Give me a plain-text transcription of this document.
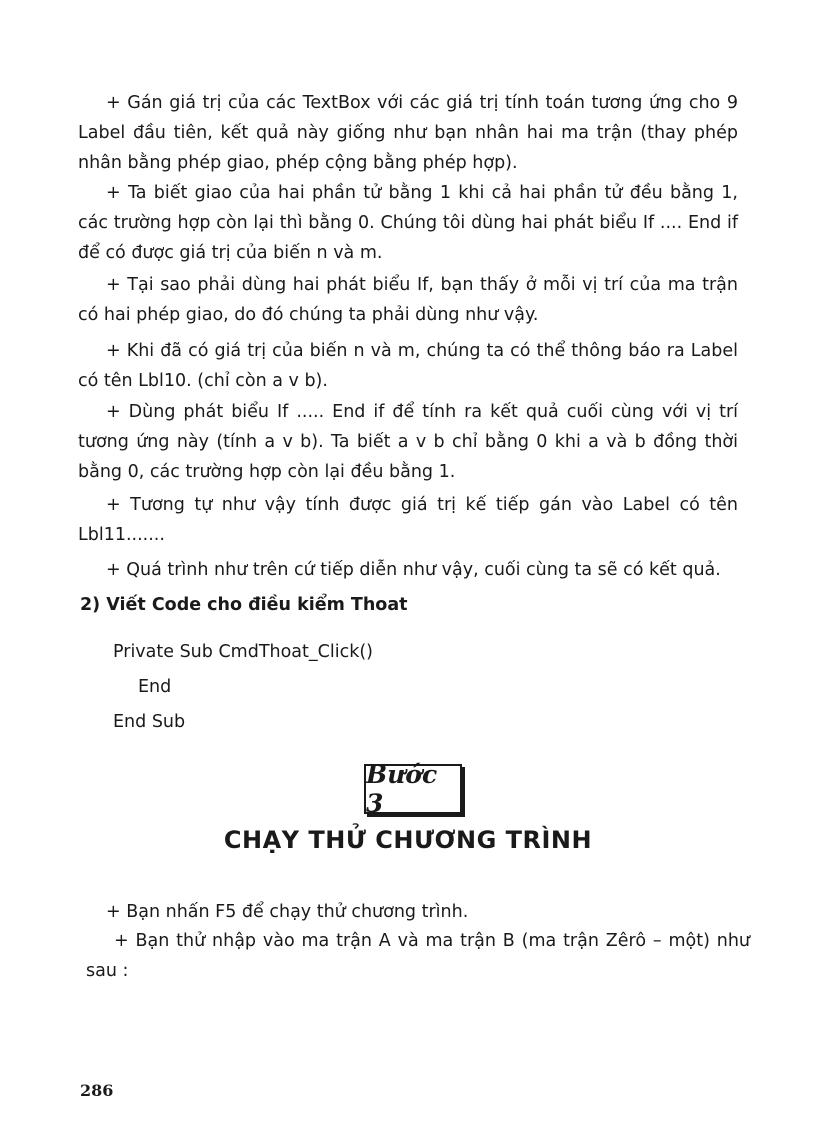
+ Gán giá trị của các TextBox với các giá trị tính toán tương ứng cho 9 Label đầu tiên, kết quả này giống như bạn nhân hai ma trận (thay phép nhân bằng phép giao, phép cộng bằng phép hợp).

+ Ta biết giao của hai phần tử bằng 1 khi cả hai phần tử đều bằng 1, các trường hợp còn lại thì bằng 0. Chúng tôi dùng hai phát biểu If .... End if để có được giá trị của biến n và m.

+ Tại sao phải dùng hai phát biểu If, bạn thấy ở mỗi vị trí của ma trận có hai phép giao, do đó chúng ta phải dùng như vậy.

+ Khi đã có giá trị của biến n và m, chúng ta có thể thông báo ra Label có tên Lbl10. (chỉ còn a v b).

+ Dùng phát biểu If ..... End if để tính ra kết quả cuối cùng với vị trí tương ứng này (tính a v b). Ta biết a v b chỉ bằng 0 khi a và b đồng thời bằng 0, các trường hợp còn lại đều bằng 1.

+ Tương tự như vậy tính được giá trị kế tiếp gán vào Label có tên Lbl11.......

+ Quá trình như trên cứ tiếp diễn như vậy, cuối cùng ta sẽ có kết quả.

2) Viết Code cho điều kiểm Thoat

Private Sub CmdThoat_Click()

End

End Sub

Bước 3
CHẠY THỬ CHƯƠNG TRÌNH

+ Bạn nhấn F5 để chạy thử chương trình.

+ Bạn thử nhập vào ma trận A và ma trận B (ma trận Zêrô – một) như sau :

286
